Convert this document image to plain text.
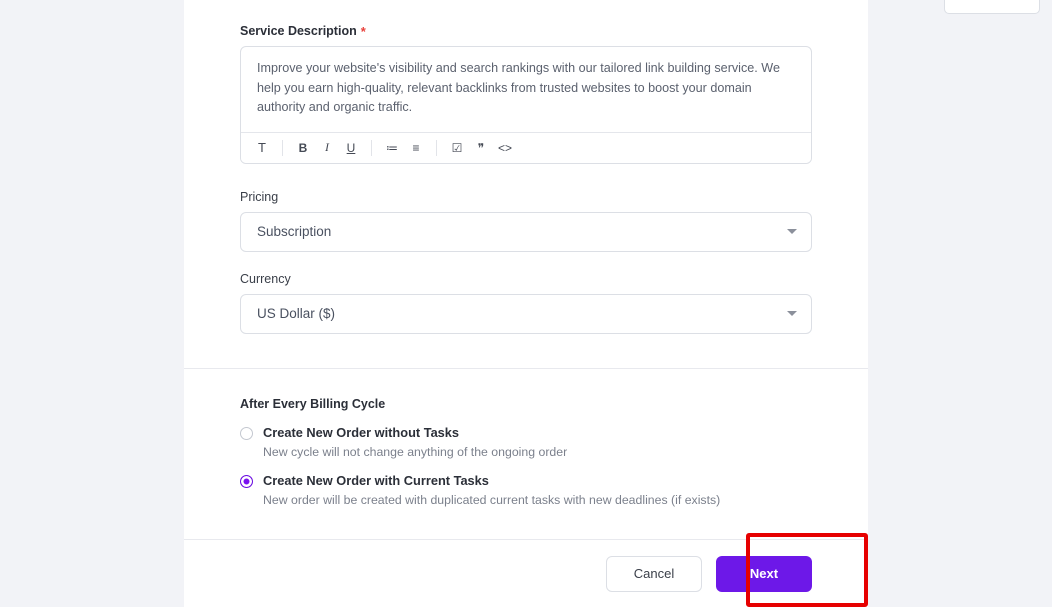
Service Description *
Improve your website's visibility and search rankings with our tailored link building service. We help you earn high-quality, relevant backlinks from trusted websites to boost your domain authority and organic traffic.
T	B	I	U	≔	≡	☑	❞	<>
Pricing
Subscription
Currency
US Dollar ($)
After Every Billing Cycle
Create New Order without Tasks
New cycle will not change anything of the ongoing order
Create New Order with Current Tasks
New order will be created with duplicated current tasks with new deadlines (if exists)
Cancel	Next
